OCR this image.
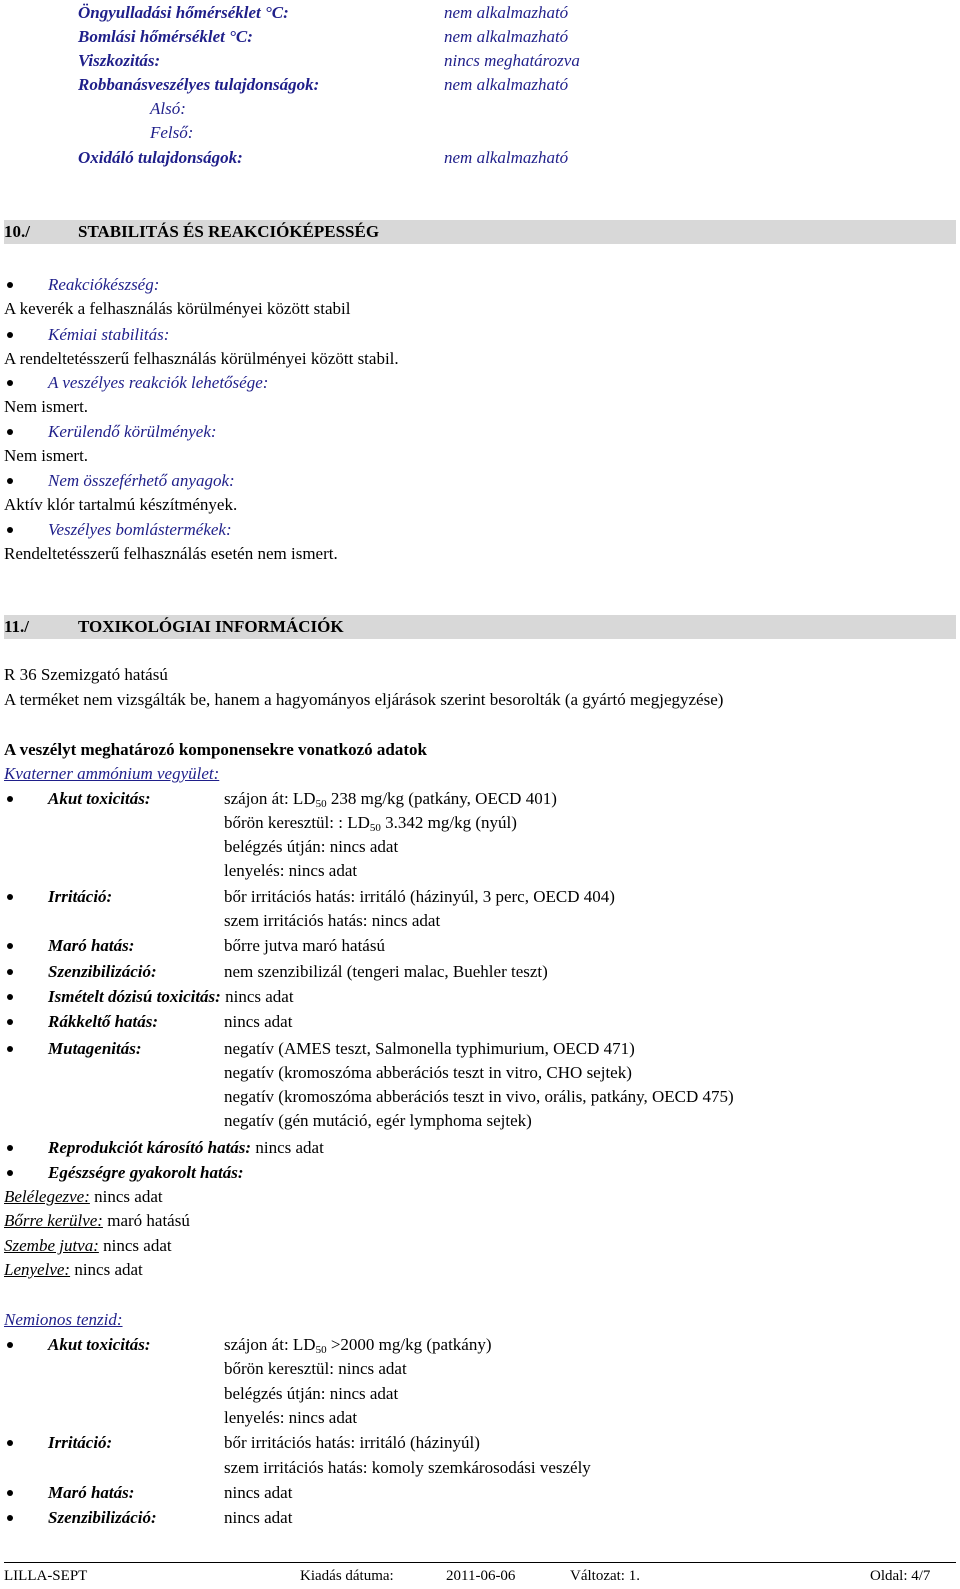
Öngyulladási hőmérséklet °C:	nem alkalmazható
Bomlási hőmérséklet °C:	nem alkalmazható
Viszkozitás:	nincs meghatározva
Robbanásveszélyes tulajdonságok:	nem alkalmazható
Alsó:
Felső:
Oxidáló tulajdonságok:	nem alkalmazható
10./	STABILITÁS ÉS REAKCIÓKÉPESSÉG
Reakciókészség:
A keverék a felhasználás körülményei között stabil
Kémiai stabilitás:
A rendeltetésszerű felhasználás körülményei között stabil.
A veszélyes reakciók lehetősége:
Nem ismert.
Kerülendő körülmények:
Nem ismert.
Nem összeférhető anyagok:
Aktív klór tartalmú készítmények.
Veszélyes bomlástermékek:
Rendeltetésszerű felhasználás esetén nem ismert.
11./	TOXIKOLÓGIAI INFORMÁCIÓK
R 36 Szemizgató hatású
A terméket nem vizsgálták be, hanem a hagyományos eljárások szerint besorolták (a gyártó megjegyzése)
A veszélyt meghatározó komponensekre vonatkozó adatok
Kvaterner ammónium vegyület:
Akut toxicitás:	szájon át: $LD_{50}$ 238 mg/kg (patkány, OECD 401)
bőrön keresztül: : $LD_{50}$ 3.342 mg/kg (nyúl)
belégzés útján: nincs adat
lenyelés: nincs adat
Irritáció:	bőr irritációs hatás: irritáló (házinyúl, 3 perc, OECD 404)
szem irritációs hatás: nincs adat
Maró hatás:	bőrre jutva maró hatású
Szenzibilizáció:	nem szenzibilizál (tengeri malac, Buehler teszt)
Ismételt dózisú toxicitás: nincs adat
Rákkeltő hatás:	nincs adat
Mutagenitás:	negatív (AMES teszt, Salmonella typhimurium, OECD 471)
negatív (kromoszóma abberációs teszt in vitro, CHO sejtek)
negatív (kromoszóma abberációs teszt in vivo, orális, patkány, OECD 475)
negatív (gén mutáció, egér lymphoma sejtek)
Reprodukciót károsító hatás: nincs adat
Egészségre gyakorolt hatás:
Belélegezve: nincs adat
Bőrre kerülve: maró hatású
Szembe jutva: nincs adat
Lenyelve: nincs adat
Nemionos tenzid:
Akut toxicitás:	szájon át: $LD_{50} >2000$ mg/kg (patkány)
bőrön keresztül: nincs adat
belégzés útján: nincs adat
lenyelés: nincs adat
Irritáció:	bőr irritációs hatás: irritáló (házinyúl)
szem irritációs hatás: komoly szemkárosodási veszély
Maró hatás:	nincs adat
Szenzibilizáció:	nincs adat
LILLA-SEPT	Kiadás dátuma:	2011-06-06	Változat: 1.	Oldal: 4/7
